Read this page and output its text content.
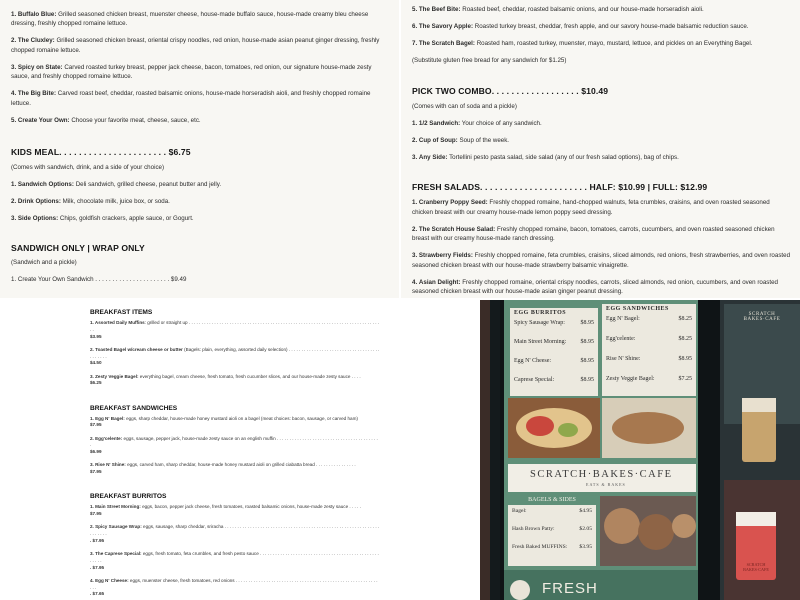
1. Buffalo Blue: Grilled seasoned chicken breast, muenster cheese, house-made buffalo sauce, house-made creamy bleu cheese dressing, freshly chopped romaine lettuce.

2. The Cluxley: Grilled seasoned chicken breast, oriental crispy noodles, red onion, house-made asian peanut ginger dressing, freshly chopped romaine lettuce.

3. Spicy on State: Carved roasted turkey breast, pepper jack cheese, bacon, tomatoes, red onion, our signature house-made zesty sauce, and freshly chopped romaine lettuce.

4. The Big Bite: Carved roast beef, cheddar, roasted balsamic onions, house-made horseradish aioli, and freshly chopped romaine lettuce.

5. Create Your Own: Choose your favorite meat, cheese, sauce, etc.

KIDS MEAL. . . . . . . . . . . . . . . . . . . . . . $6.75

(Comes with sandwich, drink, and a side of your choice)

1. Sandwich Options: Deli sandwich, grilled cheese, peanut butter and jelly.

2. Drink Options: Milk, chocolate milk, juice box, or soda.

3. Side Options: Chips, goldfish crackers, apple sauce, or Gogurt.

SANDWICH ONLY | WRAP ONLY

(Sandwich and a pickle)

1. Create Your Own Sandwich . . . . . . . . . . . . . . . . . . . . . . $9.49

5. The Beef Bite: Roasted beef, cheddar, roasted balsamic onions, and our house-made horseradish aioli.

6. The Savory Apple: Roasted turkey breast, cheddar, fresh apple, and our savory house-made balsamic reduction sauce.

7. The Scratch Bagel: Roasted ham, roasted turkey, muenster, mayo, mustard, lettuce, and pickles on an Everything Bagel.

(Substitute gluten free bread for any sandwich for $1.25)

PICK TWO COMBO. . . . . . . . . . . . . . . . . . $10.49

(Comes with can of soda and a pickle)

1. 1/2 Sandwich: Your choice of any sandwich.

2. Cup of Soup: Soup of the week.

3. Any Side: Tortellini pesto pasta salad, side salad (any of our fresh salad options), bag of chips.

FRESH SALADS. . . . . . . . . . . . . . . . . . . . . . HALF: $10.99 | FULL: $12.99

1. Cranberry Poppy Seed: Freshly chopped romaine, hand-chopped walnuts, feta crumbles, craisins, and oven roasted seasoned chicken breast with our creamy house-made lemon poppy seed dressing.

2. The Scratch House Salad: Freshly chopped romaine, bacon, tomatoes, carrots, cucumbers, and oven roasted seasoned chicken breast with our creamy house-made ranch dressing.

3. Strawberry Fields: Freshly chopped romaine, feta crumbles, craisins, sliced almonds, red onions, fresh strawberries, and oven roasted seasoned chicken breast with our house-made strawberry balsamic vinaigrette.

4. Asian Delight: Freshly chopped romaine, oriental crispy noodles, carrots, sliced almonds, red onion, cucumbers, and oven roasted seasoned chicken breast with our house-made asian ginger peanut dressing.

BREAKFAST ITEMS

1. Assorted Daily Muffins: grilled or straight up . . . . . . . . . . . . . . . . . . . . . . . . . . . . . . . . . . . . . . . . . . . . . . . . . . . . . . . . . . . . . . . . . . . . . . . . . . . . .
$3.95

2. Toasted Bagel w/cream cheese or butter (Bagels: plain, everything, assorted daily selection) . . . . . . . . . . . . . . . . . . . . . . . . . . . . . . . . . . . . . . . . . . .
$4.50

3. Zesty Veggie Bagel: everything bagel, cream cheese, fresh tomato, fresh cucumber slices, and our house-made zesty sauce . . . .
$6.25

BREAKFAST SANDWICHES

1. Egg N' Bagel: eggs, sharp cheddar, house-made honey mustard aioli on a bagel (meat choices: bacon, sausage, or carved ham)
$7.95

2. Egg'celente: eggs, sausage, pepper jack, house-made zesty sauce on an english muffin . . . . . . . . . . . . . . . . . . . . . . . . . . . . . . . . . . . . . . . . .
$6.99

3. Rise N' Shine: eggs, carved ham, sharp cheddar, house-made honey mustard aioli on grilled ciabatta bread . . . . . . . . . . . . . . . .
$7.95

BREAKFAST BURRITOS

1. Main Street Morning: eggs, bacon, pepper jack cheese, fresh tomatoes, roasted balsamic onions, house-made zesty sauce . . . . .
$7.95

2. Spicy Sausage Wrap: eggs, sausage, sharp cheddar, sriracha . . . . . . . . . . . . . . . . . . . . . . . . . . . . . . . . . . . . . . . . . . . . . . . . . . . . . . . . . . . . . . . . . . . .
. $7.95

3. The Caprese Special: eggs, fresh tomato, feta crumbles, and fresh pesto sauce . . . . . . . . . . . . . . . . . . . . . . . . . . . . . . . . . . . . . . . . . . . . . . . . . . . .
. $7.95

4. Egg N' Cheese: eggs, muenster cheese, fresh tomatoes, red onions . . . . . . . . . . . . . . . . . . . . . . . . . . . . . . . . . . . . . . . . . . . . . . . . . . . . . . . . . . .
. $7.65

EGG BURRITOS
Spicy Sausage Wrap:	$8.95
Main Street Morning: $8.95
Egg N' Cheese:	$8.95
Caprese Special:	$8.95
EGG SANDWICHES
Egg N' Bagel:	$8.25
Egg'celente:	$8.25
Rise N' Shine:	$8.95
Zesty Veggie Bagel:	$7.25
SCRATCH·BAKES·CAFE
EATS & BAKES
BAGELS & SIDES
Bagel:	$4.95
Hash Brown Patty:	$2.05
Fresh Baked MUFFINS: $3.95
FRESH
SCRATCH BAKES·CAFE
SCRATCH BAKES·CAFE
